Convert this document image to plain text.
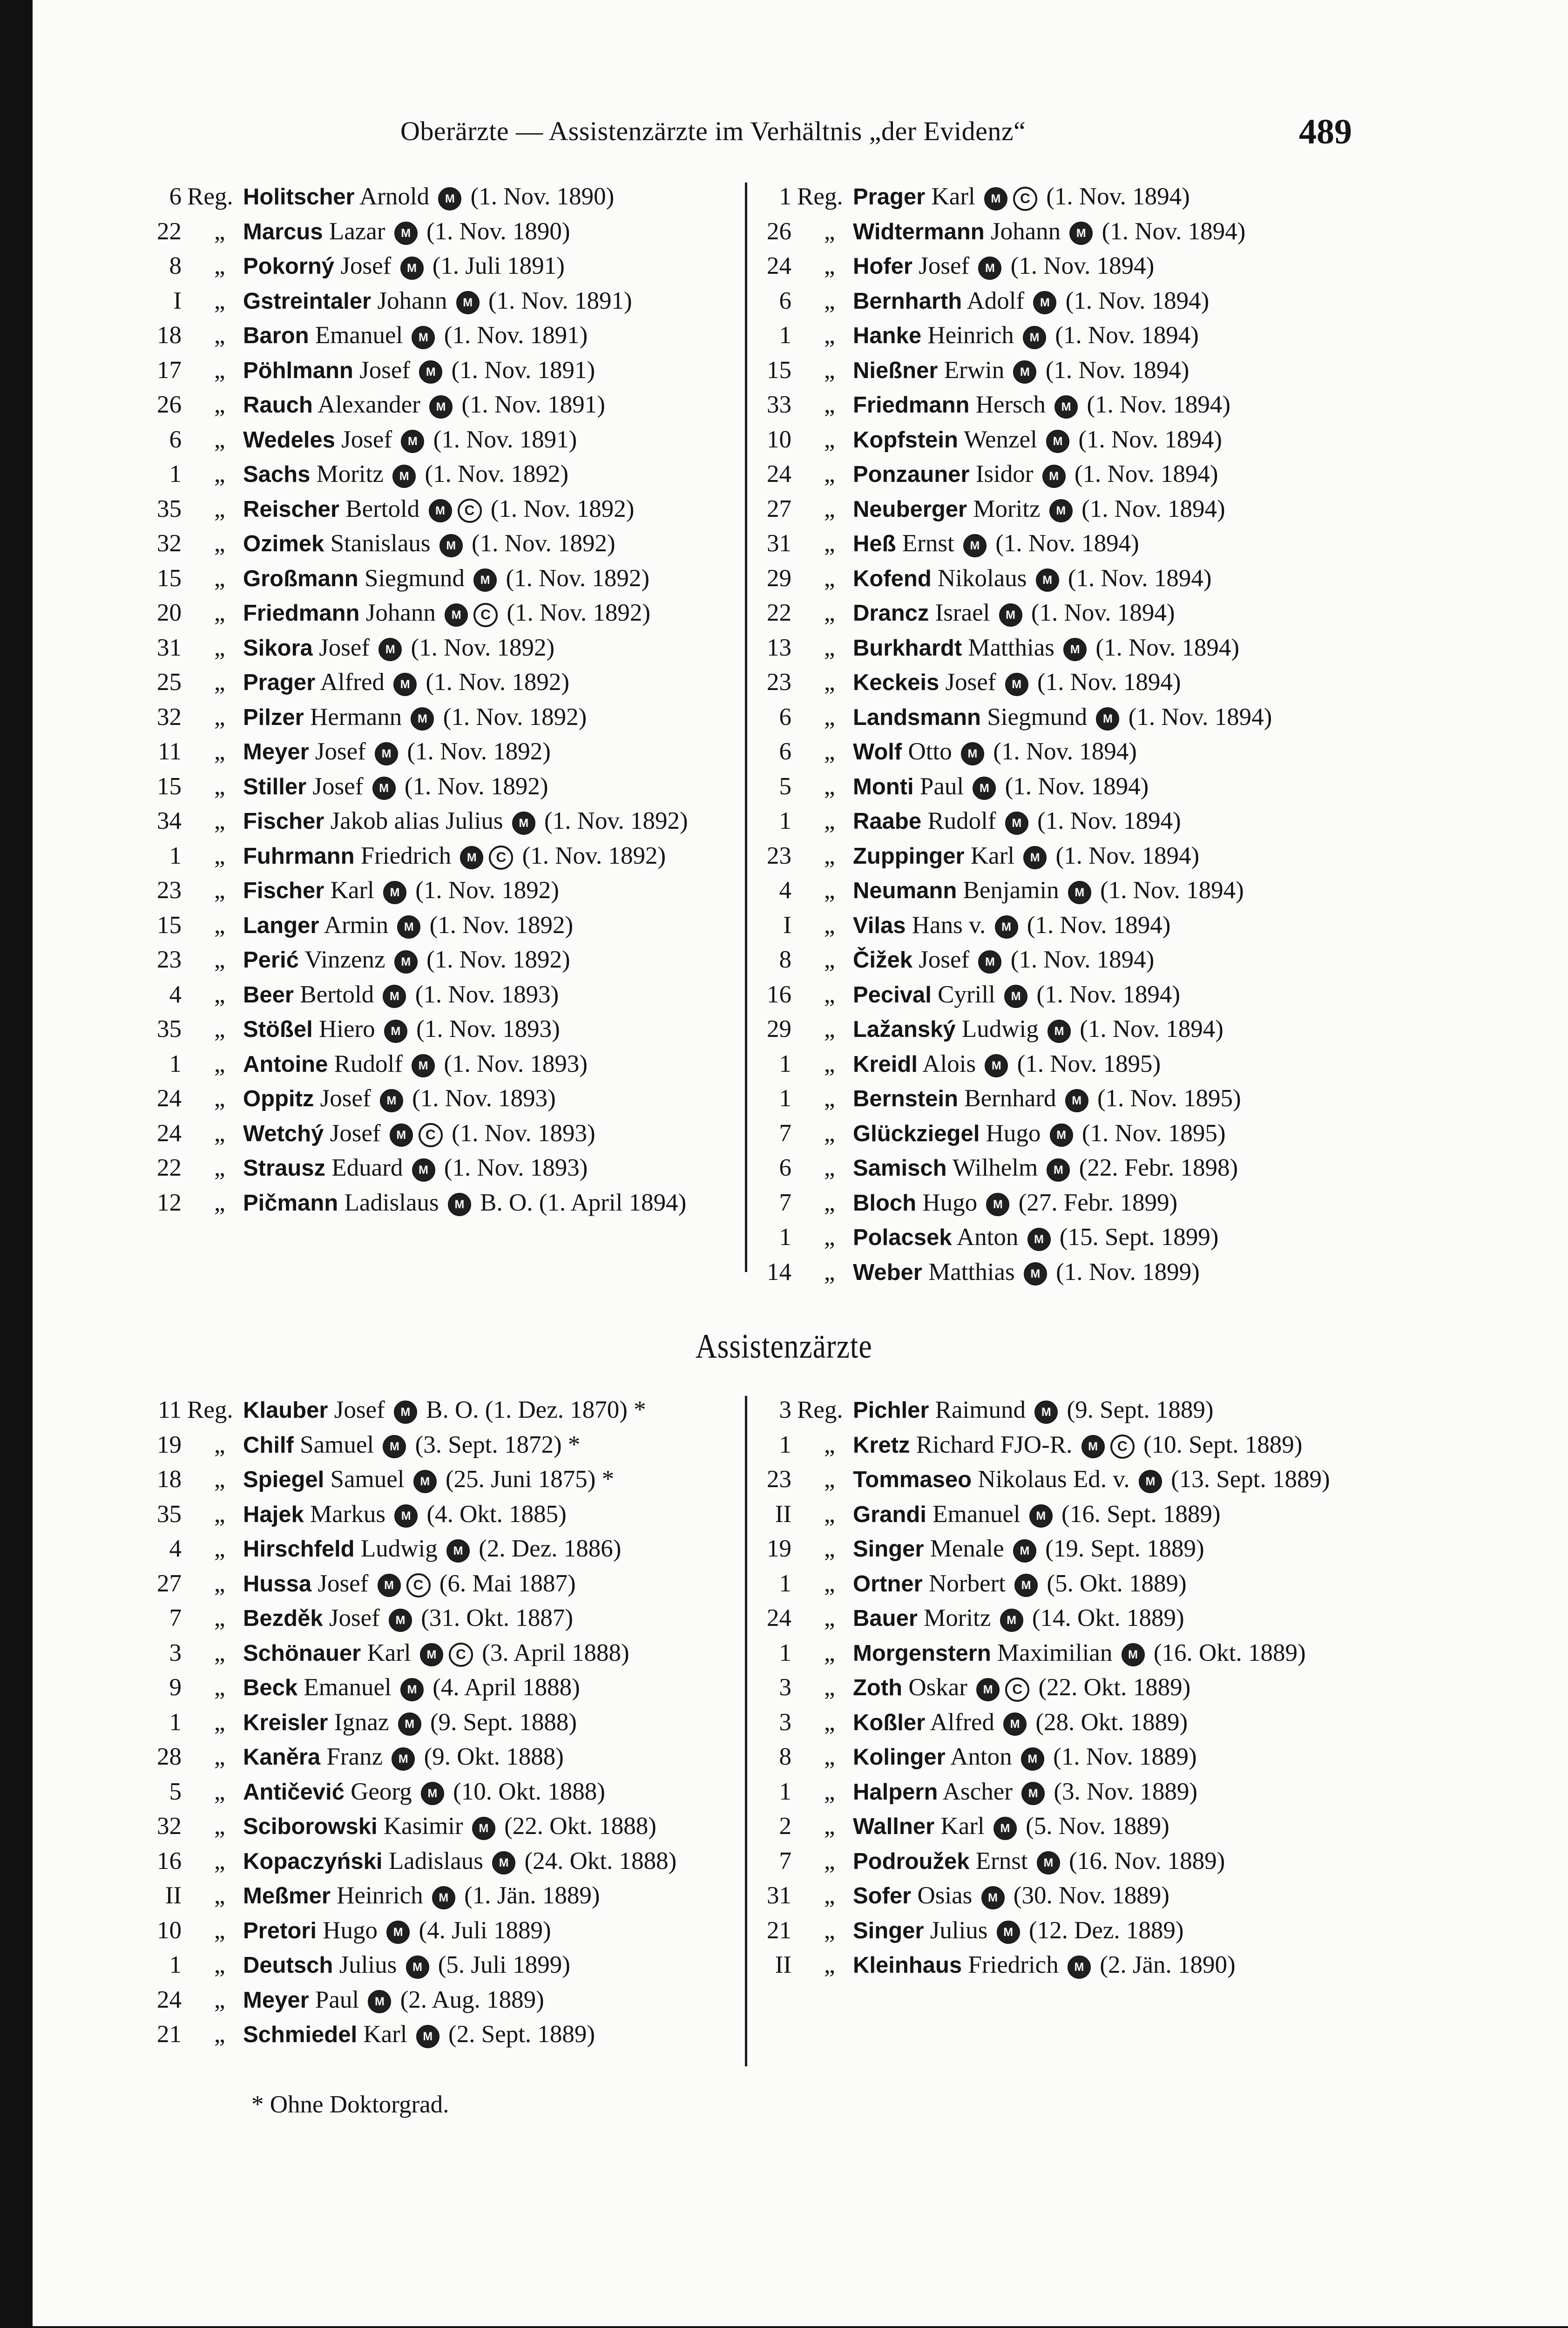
Oberärzte — Assistenzärzte im Verhältnis „der Evidenz“	489
6 Reg. Holitscher Arnold M (1. Nov. 1890)
22	„ Marcus Lazar M (1. Nov. 1890)
8	„ Pokorný Josef M (1. Juli 1891)
I	„ Gstreintaler Johann M (1. Nov. 1891)
18	„ Baron Emanuel M (1. Nov. 1891)
17	„ Pöhlmann Josef M (1. Nov. 1891)
26	„ Rauch Alexander M (1. Nov. 1891)
6	„ Wedeles Josef M (1. Nov. 1891)
1	„ Sachs Moritz M (1. Nov. 1892)
35	„ Reischer Bertold M C (1. Nov. 1892)
32	„ Ozimek Stanislaus M (1. Nov. 1892)
15	„ Großmann Siegmund M (1. Nov. 1892)
20	„ Friedmann Johann M C (1. Nov. 1892)
31	„ Sikora Josef M (1. Nov. 1892)
25	„ Prager Alfred M (1. Nov. 1892)
32	„ Pilzer Hermann M (1. Nov. 1892)
11	„ Meyer Josef M (1. Nov. 1892)
15	„ Stiller Josef M (1. Nov. 1892)
34	„ Fischer Jakob alias Julius M (1. Nov. 1892)
1	„ Fuhrmann Friedrich M C (1. Nov. 1892)
23	„ Fischer Karl M (1. Nov. 1892)
15	„ Langer Armin M (1. Nov. 1892)
23	„ Perić Vinzenz M (1. Nov. 1892)
4	„ Beer Bertold M (1. Nov. 1893)
35	„ Stößel Hiero M (1. Nov. 1893)
1	„ Antoine Rudolf M (1. Nov. 1893)
24	„ Oppitz Josef M (1. Nov. 1893)
24	„ Wetchý Josef M C (1. Nov. 1893)
22	„ Strausz Eduard M (1. Nov. 1893)
12	„ Pičmann Ladislaus M B. O. (1. April 1894)
1 Reg. Prager Karl M C (1. Nov. 1894)
26	„ Widtermann Johann M (1. Nov. 1894)
24	„ Hofer Josef M (1. Nov. 1894)
6	„ Bernharth Adolf M (1. Nov. 1894)
1	„ Hanke Heinrich M (1. Nov. 1894)
15	„ Nießner Erwin M (1. Nov. 1894)
33	„ Friedmann Hersch M (1. Nov. 1894)
10	„ Kopfstein Wenzel M (1. Nov. 1894)
24	„ Ponzauner Isidor M (1. Nov. 1894)
27	„ Neuberger Moritz M (1. Nov. 1894)
31	„ Heß Ernst M (1. Nov. 1894)
29	„ Kofend Nikolaus M (1. Nov. 1894)
22	„ Drancz Israel M (1. Nov. 1894)
13	„ Burkhardt Matthias M (1. Nov. 1894)
23	„ Keckeis Josef M (1. Nov. 1894)
6	„ Landsmann Siegmund M (1. Nov. 1894)
6	„ Wolf Otto M (1. Nov. 1894)
5	„ Monti Paul M (1. Nov. 1894)
1	„ Raabe Rudolf M (1. Nov. 1894)
23	„ Zuppinger Karl M (1. Nov. 1894)
4	„ Neumann Benjamin M (1. Nov. 1894)
I	„ Vilas Hans v. M (1. Nov. 1894)
8	„ Čižek Josef M (1. Nov. 1894)
16	„ Pecival Cyrill M (1. Nov. 1894)
29	„ Lažanský Ludwig M (1. Nov. 1894)
1	„ Kreidl Alois M (1. Nov. 1895)
1	„ Bernstein Bernhard M (1. Nov. 1895)
7	„ Glückziegel Hugo M (1. Nov. 1895)
6	„ Samisch Wilhelm M (22. Febr. 1898)
7	„ Bloch Hugo M (27. Febr. 1899)
1	„ Polacsek Anton M (15. Sept. 1899)
14	„ Weber Matthias M (1. Nov. 1899)
Assistenzärzte
11 Reg. Klauber Josef M B. O. (1. Dez. 1870) *
19	„ Chilf Samuel M (3. Sept. 1872) *
18	„ Spiegel Samuel M (25. Juni 1875) *
35	„ Hajek Markus M (4. Okt. 1885)
4	„ Hirschfeld Ludwig M (2. Dez. 1886)
27	„ Hussa Josef M C (6. Mai 1887)
7	„ Bezděk Josef M (31. Okt. 1887)
3	„ Schönauer Karl M C (3. April 1888)
9	„ Beck Emanuel M (4. April 1888)
1	„ Kreisler Ignaz M (9. Sept. 1888)
28	„ Kaněra Franz M (9. Okt. 1888)
5	„ Antičević Georg M (10. Okt. 1888)
32	„ Sciborowski Kasimir M (22. Okt. 1888)
16	„ Kopaczyński Ladislaus M (24. Okt. 1888)
II	„ Meßmer Heinrich M (1. Jän. 1889)
10	„ Pretori Hugo M (4. Juli 1889)
1	„ Deutsch Julius M (5. Juli 1899)
24	„ Meyer Paul M (2. Aug. 1889)
21	„ Schmiedel Karl M (2. Sept. 1889)
3 Reg. Pichler Raimund M (9. Sept. 1889)
1	„ Kretz Richard FJO-R. M C (10. Sept. 1889)
23	„ Tommaseo Nikolaus Ed. v. M (13. Sept. 1889)
II	„ Grandi Emanuel M (16. Sept. 1889)
19	„ Singer Menale M (19. Sept. 1889)
1	„ Ortner Norbert M (5. Okt. 1889)
24	„ Bauer Moritz M (14. Okt. 1889)
1	„ Morgenstern Maximilian M (16. Okt. 1889)
3	„ Zoth Oskar M C (22. Okt. 1889)
3	„ Koßler Alfred M (28. Okt. 1889)
8	„ Kolinger Anton M (1. Nov. 1889)
1	„ Halpern Ascher M (3. Nov. 1889)
2	„ Wallner Karl M (5. Nov. 1889)
7	„ Podroužek Ernst M (16. Nov. 1889)
31	„ Sofer Osias M (30. Nov. 1889)
21	„ Singer Julius M (12. Dez. 1889)
II	„ Kleinhaus Friedrich M (2. Jän. 1890)
* Ohne Doktorgrad.
